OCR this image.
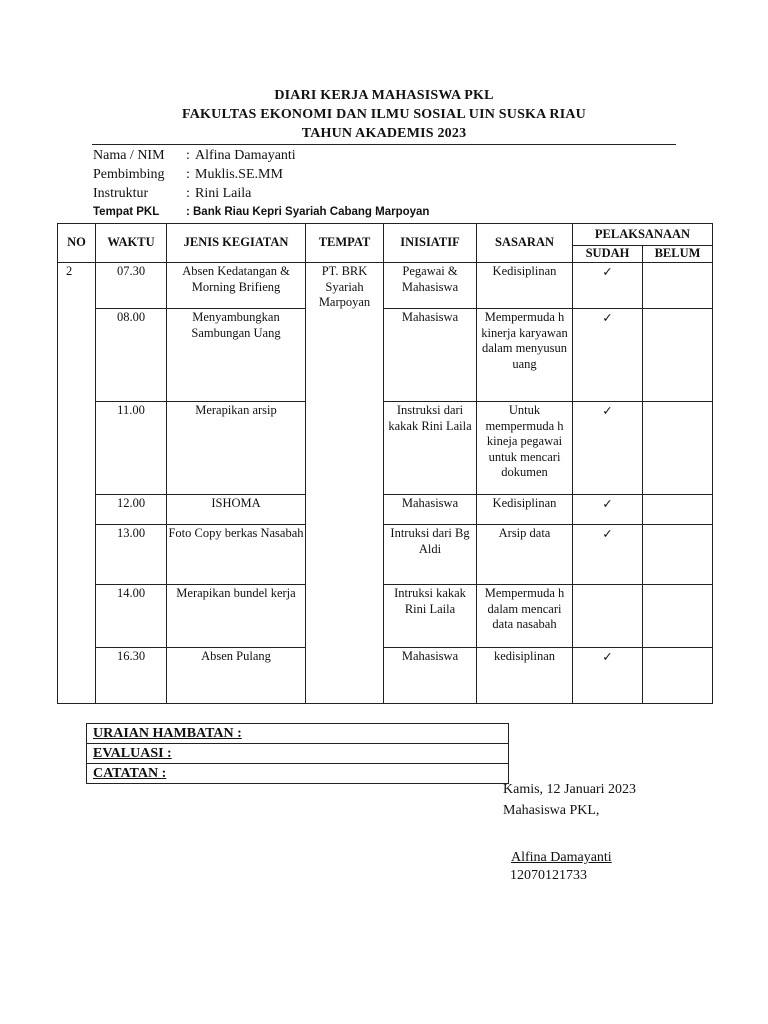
DIARI KERJA MAHASISWA PKL
FAKULTAS EKONOMI DAN ILMU SOSIAL UIN SUSKA RIAU
TAHUN AKADEMIS 2023
Nama / NIM : Alfina Damayanti
Pembimbing : Muklis.SE.MM
Instruktur	: Rini Laila
Tempat PKL : Bank Riau Kepri Syariah Cabang Marpoyan
NO	WAKTU	JENIS KEGIATAN	TEMPAT	INISIATIF	SASARAN	PELAKSANAAN	
						SUDAH	BELUM
2	07.30	Absen Kedatangan & Morning Brifieng	PT. BRK Syariah Marpoyan	Pegawai & Mahasiswa	Kedisiplinan	✓	
	08.00	Menyambungkan Sambungan Uang		Mahasiswa	Mempermuda h kinerja karyawan dalam menyusun uang	✓	
	11.00	Merapikan arsip		Instruksi dari kakak Rini Laila	Untuk mempermuda h kineja pegawai untuk mencari dokumen	✓	
	12.00	ISHOMA		Mahasiswa	Kedisiplinan	✓	
	13.00	Foto Copy berkas Nasabah		Intruksi dari Bg Aldi	Arsip data	✓	
	14.00	Merapikan bundel kerja		Intruksi kakak Rini Laila	Mempermuda h dalam mencari data nasabah		
	16.30	Absen Pulang		Mahasiswa	kedisiplinan	✓	
URAIAN HAMBATAN :
EVALUASI :
CATATAN :
Kamis, 12 Januari 2023
Mahasiswa PKL,
Alfina Damayanti
12070121733
